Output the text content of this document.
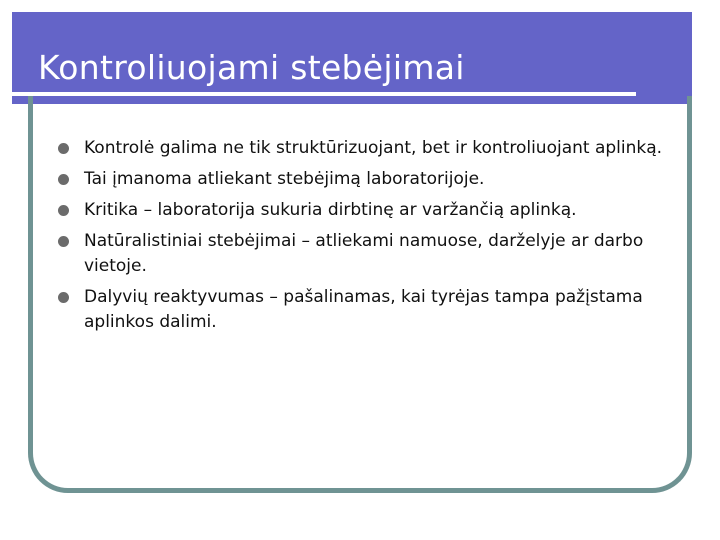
Kontroliuojami stebėjimai
Kontrolė galima ne tik struktūrizuojant, bet ir kontroliuojant aplinką.
Tai įmanoma atliekant stebėjimą laboratorijoje.
Kritika – laboratorija sukuria dirbtinę ar varžančią aplinką.
Natūralistiniai stebėjimai – atliekami namuose, darželyje ar darbo vietoje.
Dalyvių reaktyvumas – pašalinamas, kai tyrėjas tampa pažįstama aplinkos dalimi.
